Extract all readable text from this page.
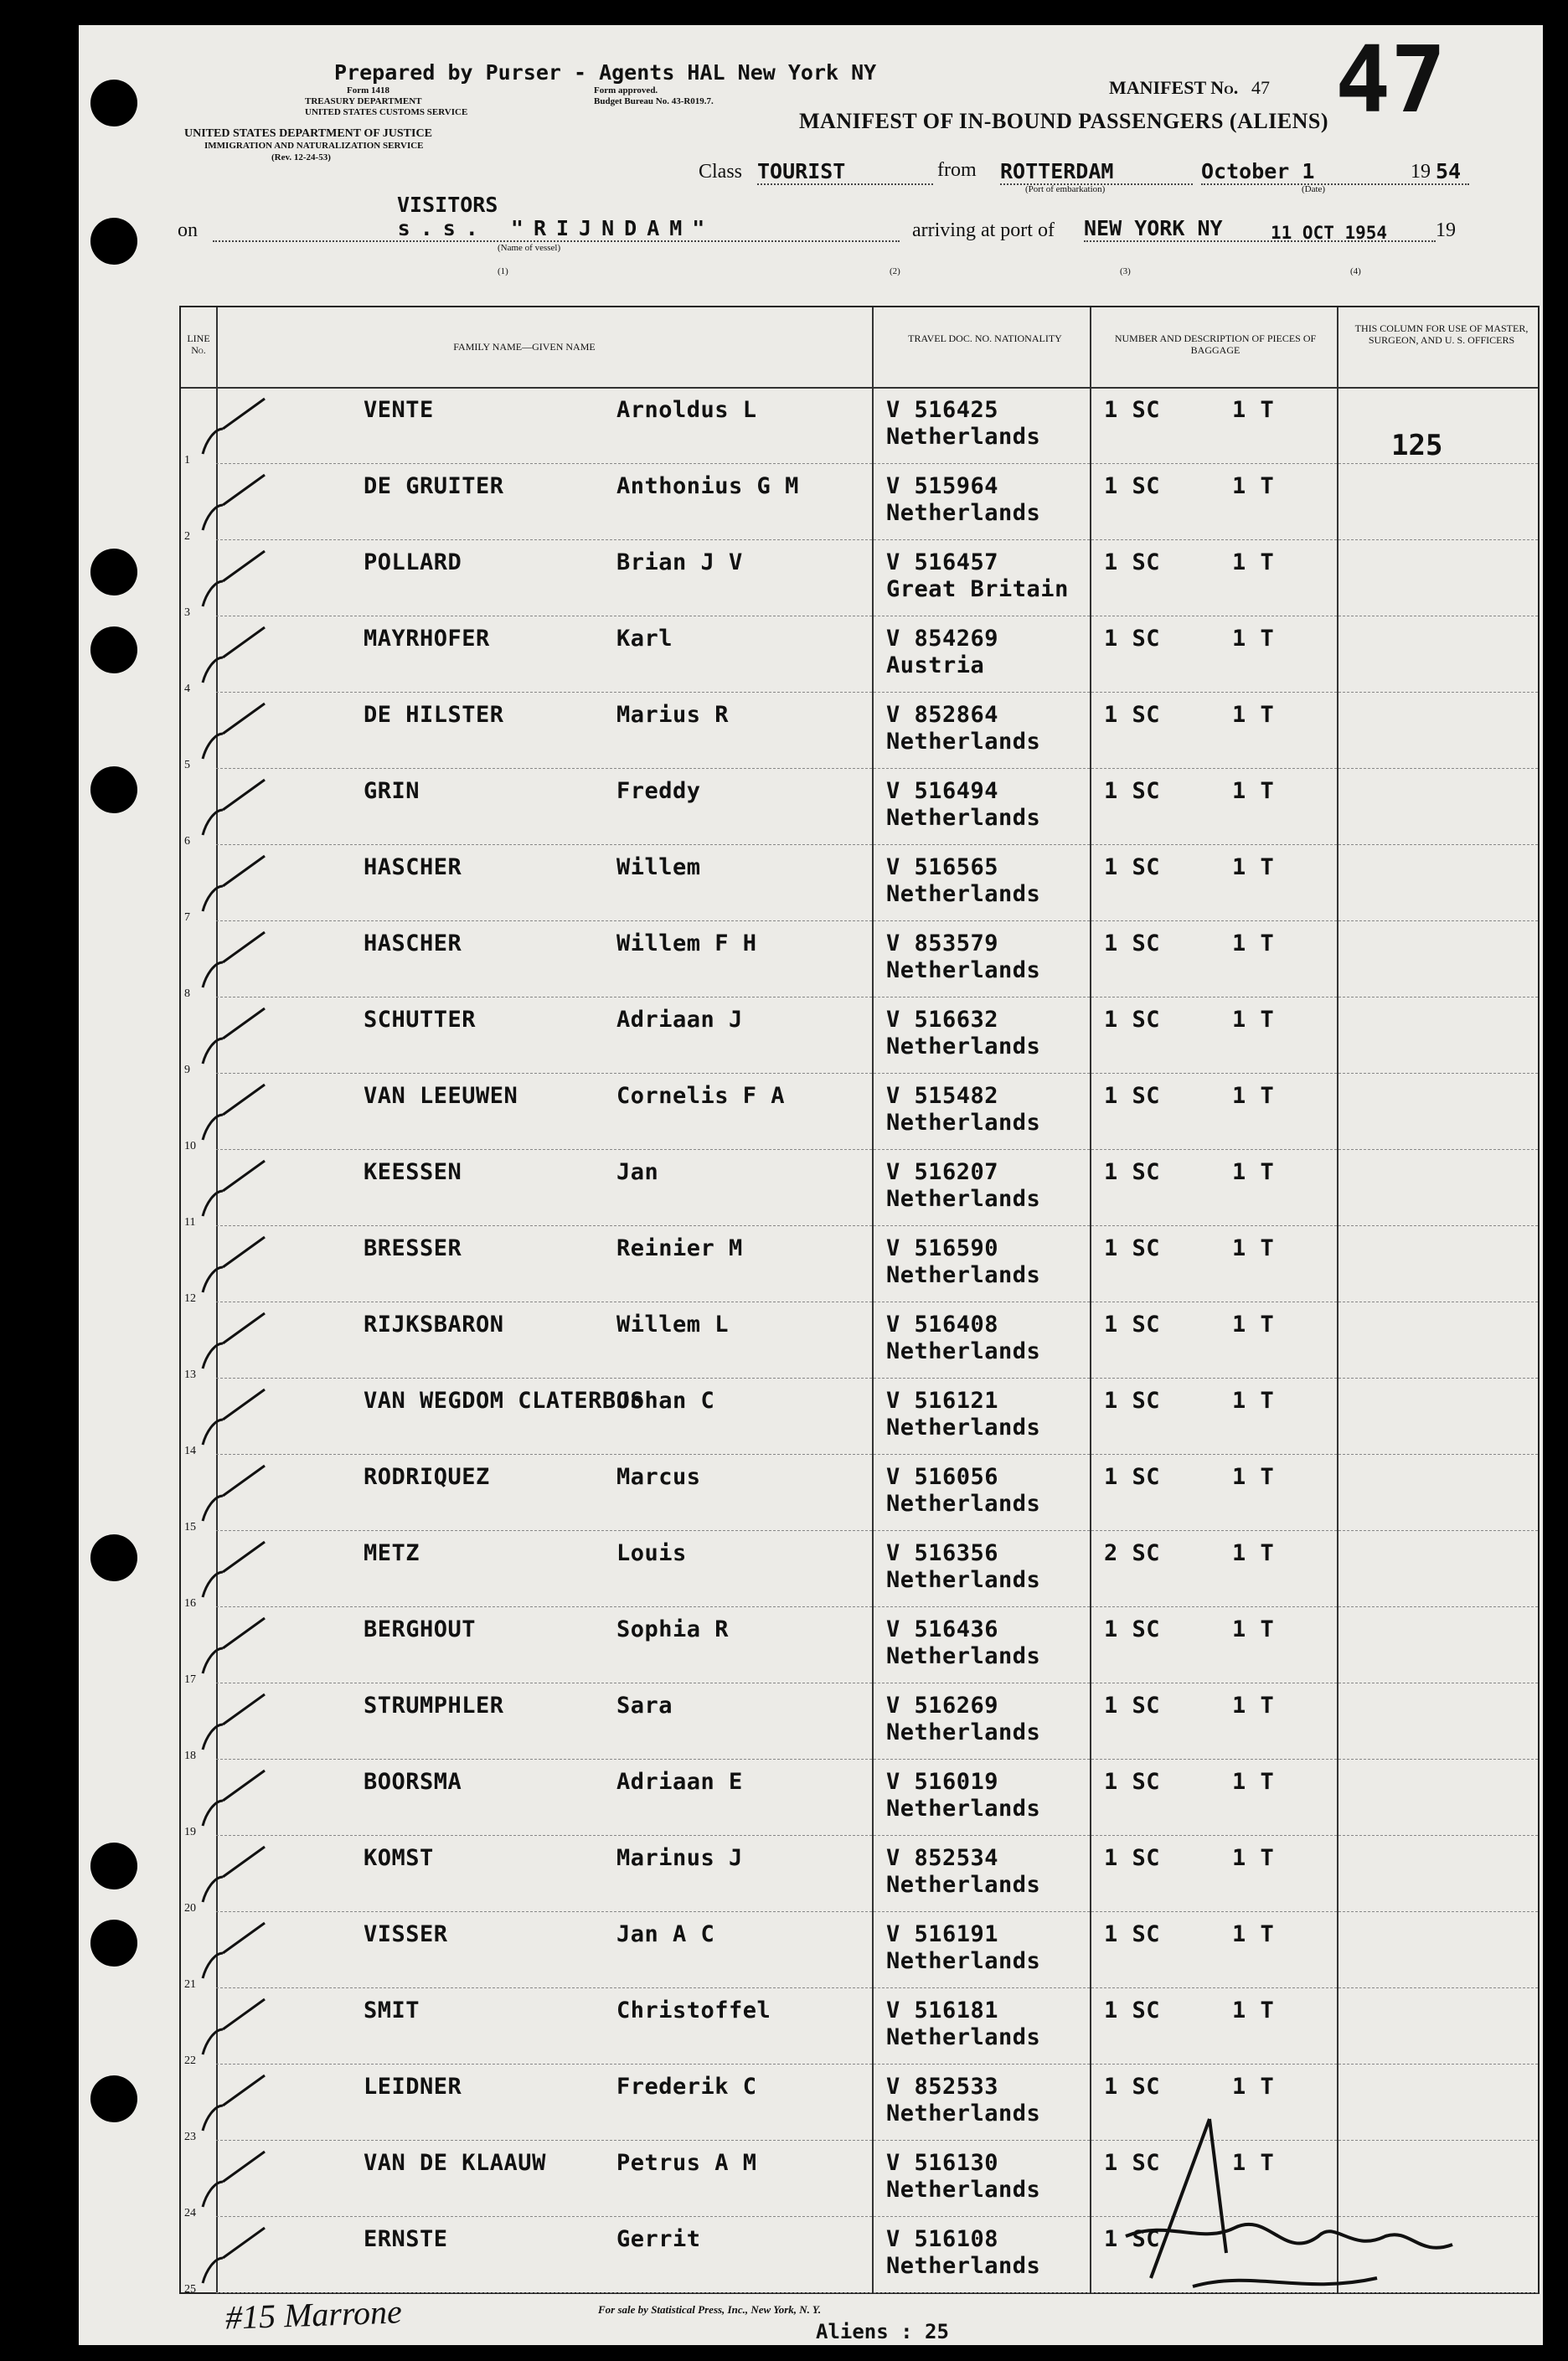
Prepared by Purser - Agents HAL New York NY
Form 1418	Form approved.
TREASURY DEPARTMENT	Budget Bureau No. 43-R019.7.
UNITED STATES CUSTOMS SERVICE
UNITED STATES DEPARTMENT OF JUSTICE
IMMIGRATION AND NATURALIZATION SERVICE
(Rev. 12-24-53)
MANIFEST No. 47 47
MANIFEST OF IN-BOUND PASSENGERS (ALIENS)
Class TOURIST	from ROTTERDAM
(Port of embarkation)
October 1
(Date)
19 54
VISITORS
on	s.s. "RIJNDAM"
(Name of vessel)
arriving at port of NEW YORK NY	11 OCT 1954 19
(1)	(2)	(3)	(4)
LINE No.	FAMILY NAME—GIVEN NAME
TRAVEL DOC. NO. NATIONALITY	NUMBER AND DESCRIPTION OF PIECES OF BAGGAGE
THIS COLUMN FOR USE OF MASTER, SURGEON, AND U. S. OFFICERS
125
1
VENTE	Arnoldus L	V 516425
Netherlands
1 SC	1 T
2
DE GRUITER	Anthonius G M	V 515964
Netherlands
1 SC	1 T
3
POLLARD	Brian J V	V 516457
Great Britain
1 SC	1 T
4
MAYRHOFER	Karl	V 854269
Austria
1 SC	1 T
5
DE HILSTER	Marius R	V 852864
Netherlands
1 SC	1 T
6
GRIN	Freddy	V 516494
Netherlands
1 SC	1 T
7
HASCHER	Willem	V 516565
Netherlands
1 SC	1 T
8
HASCHER	Willem F H	V 853579
Netherlands
1 SC	1 T
9
SCHUTTER	Adriaan J	V 516632
Netherlands
1 SC	1 T
10
VAN LEEUWEN	Cornelis F A	V 515482
Netherlands
1 SC	1 T
11
KEESSEN	Jan	V 516207
Netherlands
1 SC	1 T
12
BRESSER	Reinier M	V 516590
Netherlands
1 SC	1 T
13
RIJKSBARON	Willem L	V 516408
Netherlands
1 SC	1 T
14
VAN WEGDOM CLATERBOS
Johan C	V 516121
Netherlands
1 SC	1 T
15
RODRIQUEZ	Marcus	V 516056
Netherlands
1 SC	1 T
16
METZ	Louis	V 516356
Netherlands
2 SC	1 T
17
BERGHOUT	Sophia R	V 516436
Netherlands
1 SC	1 T
18
STRUMPHLER	Sara	V 516269
Netherlands
1 SC	1 T
19
BOORSMA	Adriaan E	V 516019
Netherlands
1 SC	1 T
20
KOMST	Marinus J	V 852534
Netherlands
1 SC	1 T
21
VISSER	Jan A C	V 516191
Netherlands
1 SC	1 T
22
SMIT	Christoffel	V 516181
Netherlands
1 SC	1 T
23
LEIDNER	Frederik C	V 852533
Netherlands
1 SC	1 T
24
VAN DE KLAAUW	Petrus A M	V 516130
Netherlands
1 SC	1 T
25
ERNSTE	Gerrit	V 516108
Netherlands
1 SC
For sale by Statistical Press, Inc., New York, N. Y.
Aliens : 25
#15 Marrone
